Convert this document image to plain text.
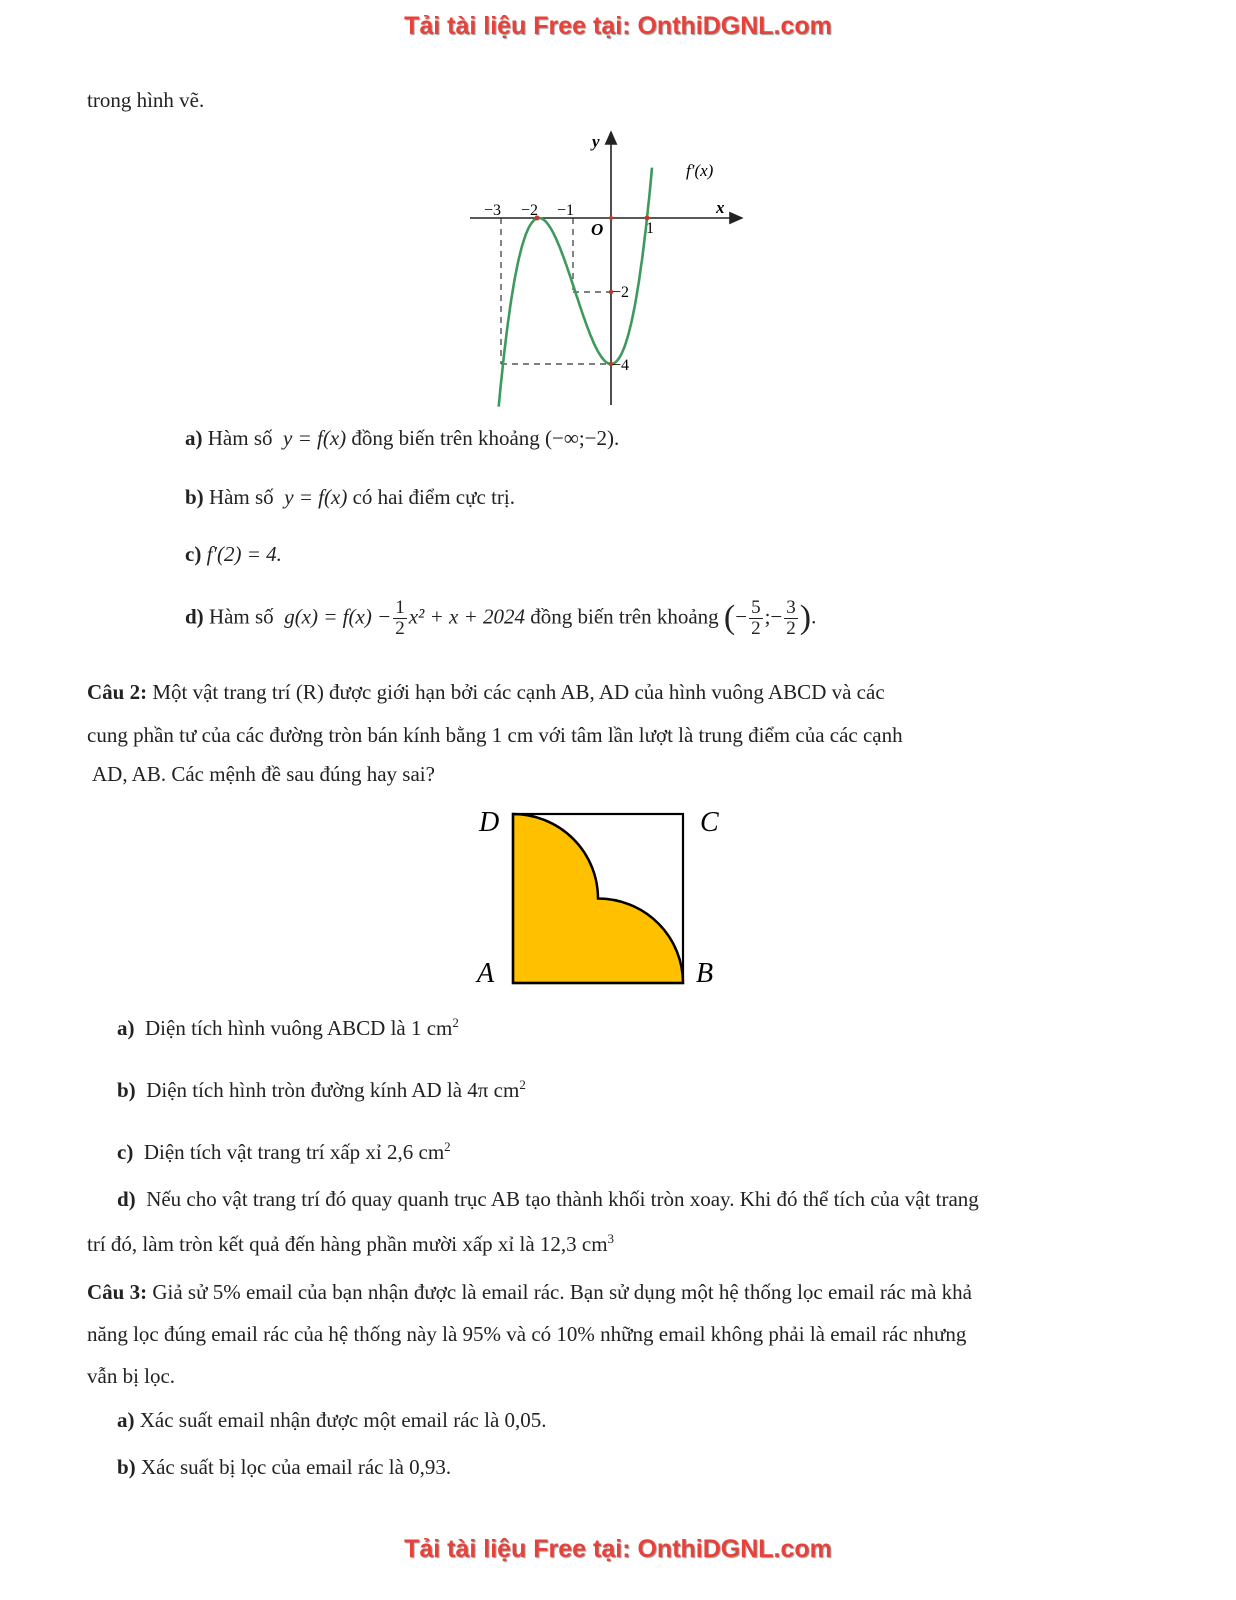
Tải tài liệu Free tại: OnthiDGNL.com
Tải tài liệu Free tại: OnthiDGNL.com
trong hình vẽ.
y
x
f′(x)
O
−3 −2 −1
1
−2
−4
a) Hàm số y = f(x) đồng biến trên khoảng (−∞;−2).
b) Hàm số y = f(x) có hai điểm cực trị.
c) f′(2) = 4.
d) Hàm số $g(x) = f(x) - \frac{1}{2} x^2 + x + 2024$ đồng biến trên khoảng (− $\frac{5}{2}$ ;− $\frac{3}{2}$ ).
Câu 2: Một vật trang trí (R) được giới hạn bởi các cạnh AB, AD của hình vuông ABCD và các
cung phần tư của các đường tròn bán kính bằng 1 cm với tâm lần lượt là trung điểm của các cạnh
AD, AB. Các mệnh đề sau đúng hay sai?
D	C
A	B
a) Diện tích hình vuông ABCD là 1 $cm^2$
b) Diện tích hình tròn đường kính AD là 4π $cm^2$
c) Diện tích vật trang trí xấp xỉ 2,6 $cm^2$
d) Nếu cho vật trang trí đó quay quanh trục AB tạo thành khối tròn xoay. Khi đó thể tích của vật trang
trí đó, làm tròn kết quả đến hàng phần mười xấp xỉ là 12,3 $cm^3$
Câu 3: Giả sử 5% email của bạn nhận được là email rác. Bạn sử dụng một hệ thống lọc email rác mà khả
năng lọc đúng email rác của hệ thống này là 95% và có 10% những email không phải là email rác nhưng
vẫn bị lọc.
a) Xác suất email nhận được một email rác là 0,05.
b) Xác suất bị lọc của email rác là 0,93.
